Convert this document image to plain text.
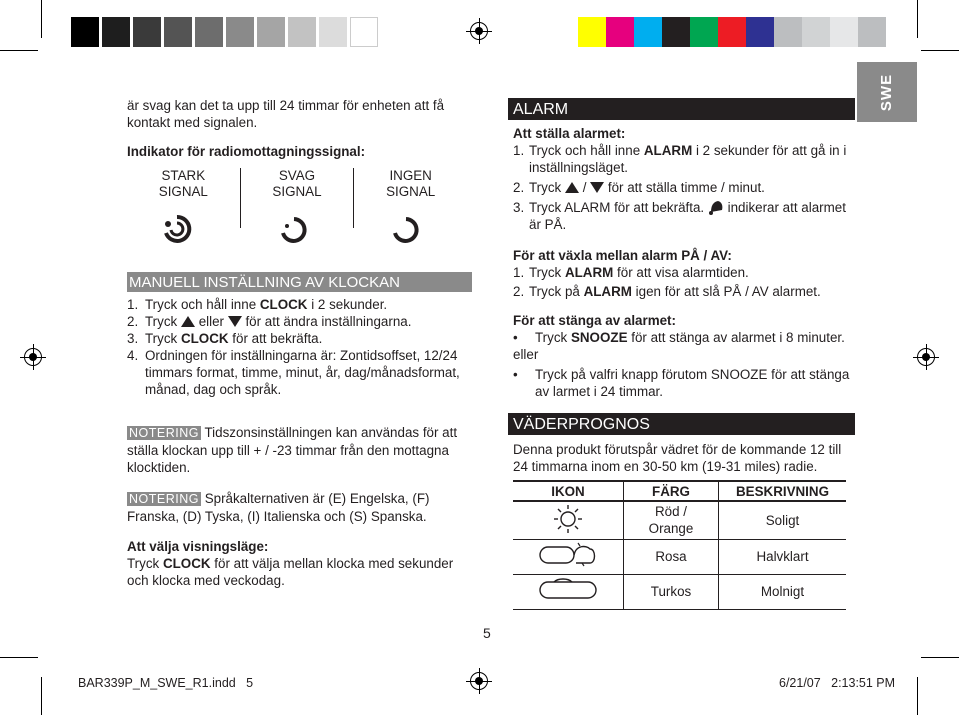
SWE
är svag kan det ta upp till 24 timmar för enheten att få kontakt med signalen.
Indikator för radiomottagningssignal:
STARK
SIGNAL

SVAG
SIGNAL

INGEN
SIGNAL
MANUELL INSTÄLLNING AV KLOCKAN
1. Tryck och håll inne CLOCK i 2 sekunder.
2. Tryck  eller  för att ändra inställningarna.
3. Tryck CLOCK för att bekräfta.
4. Ordningen för inställningarna är: Zontidsoffset, 12/24 timmars format, timme, minut, år, dag/månadsformat, månad, dag och språk.
NOTERING Tidszonsinställningen kan användas för att ställa klockan upp till + / -23 timmar från den mottagna klocktiden.
NOTERING Språkalternativen är (E) Engelska, (F) Franska, (D) Tyska, (I) Italienska och (S) Spanska.
Att välja visningsläge:
Tryck CLOCK för att välja mellan klocka med sekunder och klocka med veckodag.
ALARM
Att ställa alarmet:
1. Tryck och håll inne ALARM i 2 sekunder för att gå in i inställningsläget.
2. Tryck  /  för att ställa timme / minut.
3. Tryck ALARM för att bekräfta.  indikerar att alarmet är PÅ.
För att växla mellan alarm PÅ / AV:
1. Tryck ALARM för att visa alarmtiden.
2. Tryck på ALARM igen för att slå PÅ / AV alarmet.
För att stänga av alarmet:
• Tryck SNOOZE för att stänga av alarmet i 8 minuter.
eller
• Tryck på valfri knapp förutom SNOOZE för att stänga av larmet i 24 timmar.
VÄDERPROGNOS
Denna produkt förutspår vädret för de kommande 12 till 24 timmarna inom en 30-50 km (19-31 miles) radie.
IKON	FÄRG	BESKRIVNING
	Röd / Orange	Soligt
	Rosa	Halvklart
	Turkos	Molnigt
5
BAR339P_M_SWE_R1.indd   5	6/21/07   2:13:51 PM
